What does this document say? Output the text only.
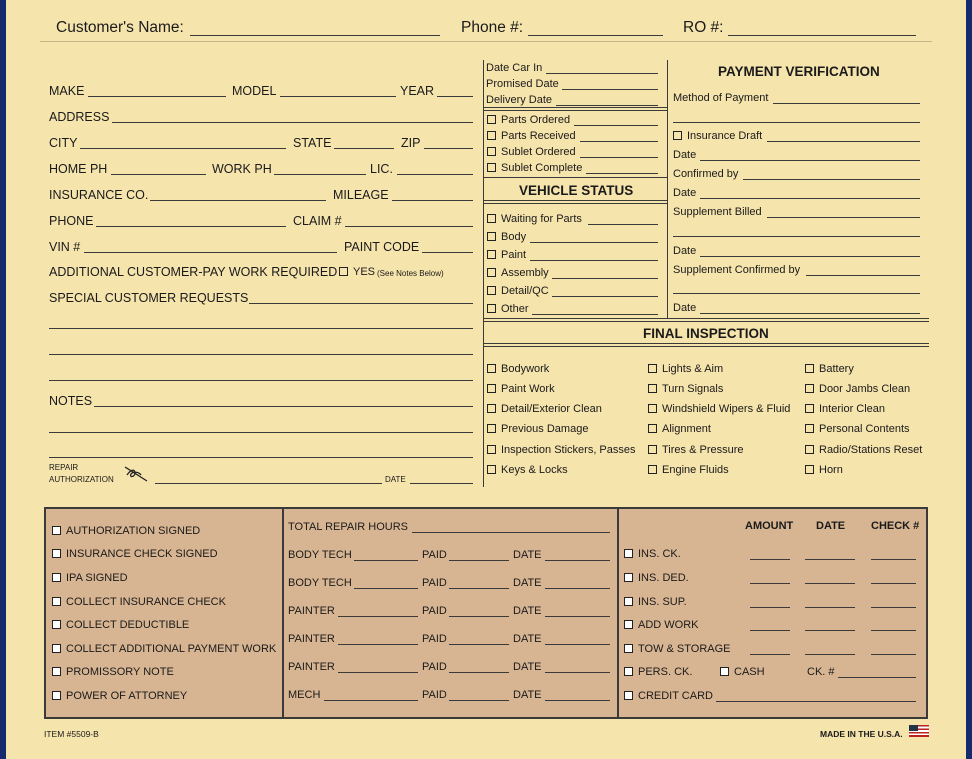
Customer's Name:	Phone #:	RO #:
MAKE	MODEL	YEAR
ADDRESS
CITY	STATE	ZIP
HOME PH	WORK PH	LIC.
INSURANCE CO.	MILEAGE
PHONE	CLAIM #
VIN #	PAINT CODE
ADDITIONAL CUSTOMER-PAY WORK REQUIRED	YES (See Notes Below)
SPECIAL CUSTOMER REQUESTS
NOTES
REPAIR
AUTHORIZATION	DATE
Date Car In
Promised Date
Delivery Date
Parts Ordered
Parts Received
Sublet Ordered
Sublet Complete
VEHICLE STATUS
Waiting for Parts
Body
Paint
Assembly
Detail/QC
Other
PAYMENT VERIFICATION
Method of Payment
Insurance Draft
Date
Confirmed by
Date
Supplement Billed
Date
Supplement Confirmed by
Date
FINAL INSPECTION
Bodywork
Paint Work
Detail/Exterior Clean
Previous Damage
Inspection Stickers, Passes
Keys & Locks
Lights & Aim
Turn Signals
Windshield Wipers & Fluid
Alignment
Tires & Pressure
Engine Fluids
Battery
Door Jambs Clean
Interior Clean
Personal Contents
Radio/Stations Reset
Horn
AUTHORIZATION SIGNED
INSURANCE CHECK SIGNED
IPA SIGNED
COLLECT INSURANCE CHECK
COLLECT DEDUCTIBLE
COLLECT ADDITIONAL PAYMENT WORK
PROMISSORY NOTE
POWER OF ATTORNEY
TOTAL REPAIR HOURS
BODY TECH	PAID	DATE
BODY TECH	PAID	DATE
PAINTER	PAID	DATE
PAINTER	PAID	DATE
PAINTER	PAID	DATE
MECH	PAID	DATE
AMOUNT DATE CHECK #
INS. CK.
INS. DED.
INS. SUP.
ADD WORK
TOW & STORAGE
PERS. CK.	CASH	CK. #
CREDIT CARD
ITEM #5509-B	MADE IN THE U.S.A.
